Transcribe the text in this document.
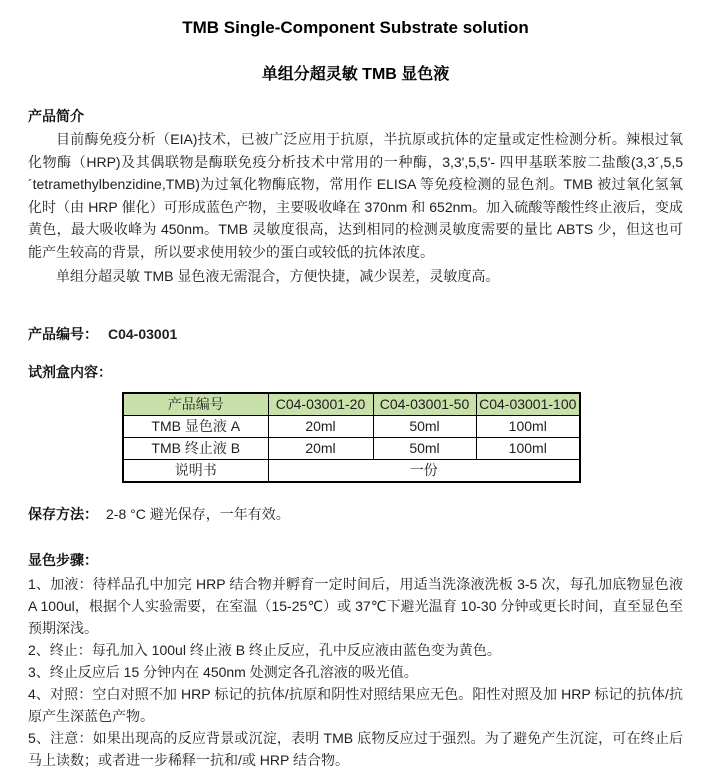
TMB Single-Component Substrate solution
单组分超灵敏 TMB 显色液
产品简介

目前酶免疫分析（EIA)技术，已被广泛应用于抗原，半抗原或抗体的定量或定性检测分析。辣根过氧化物酶（HRP)及其偶联物是酶联免疫分析技术中常用的一种酶，3,3',5,5'- 四甲基联苯胺二盐酸(3,3´,5,5´tetramethylbenzidine,TMB)为过氧化物酶底物，常用作 ELISA 等免疫检测的显色剂。TMB 被过氧化氢氧化时（由 HRP 催化）可形成蓝色产物，主要吸收峰在 370nm 和 652nm。加入硫酸等酸性终止液后，变成黄色，最大吸收峰为 450nm。TMB 灵敏度很高，达到相同的检测灵敏度需要的量比 ABTS 少，但这也可能产生较高的背景，所以要求使用较少的蛋白或较低的抗体浓度。

单组分超灵敏 TMB 显色液无需混合，方便快捷，减少误差，灵敏度高。

产品编号： C04-03001
试剂盒内容：
产品编号	C04-03001-20	C04-03001-50	C04-03001-100
TMB 显色液 A	20ml	50ml	100ml
TMB 终止液 B	20ml	50ml	100ml
说明书	一份		
保存方法： 2-8 °C 避光保存，一年有效。
显色步骤：

1、加液：待样品孔中加完 HRP 结合物并孵育一定时间后，用适当洗涤液洗板 3-5 次，每孔加底物显色液 A 100ul，根据个人实验需要，在室温（15-25℃）或 37℃下避光温育 10-30 分钟或更长时间，直至显色至预期深浅。

2、终止：每孔加入 100ul 终止液 B 终止反应，孔中反应液由蓝色变为黄色。

3、终止反应后 15 分钟内在 450nm 处测定各孔溶液的吸光值。

4、对照：空白对照不加 HRP 标记的抗体/抗原和阴性对照结果应无色。阳性对照及加 HRP 标记的抗体/抗原产生深蓝色产物。

5、注意：如果出现高的反应背景或沉淀，表明 TMB 底物反应过于强烈。为了避免产生沉淀，可在终止后马上读数；或者进一步稀释一抗和/或 HRP 结合物。
